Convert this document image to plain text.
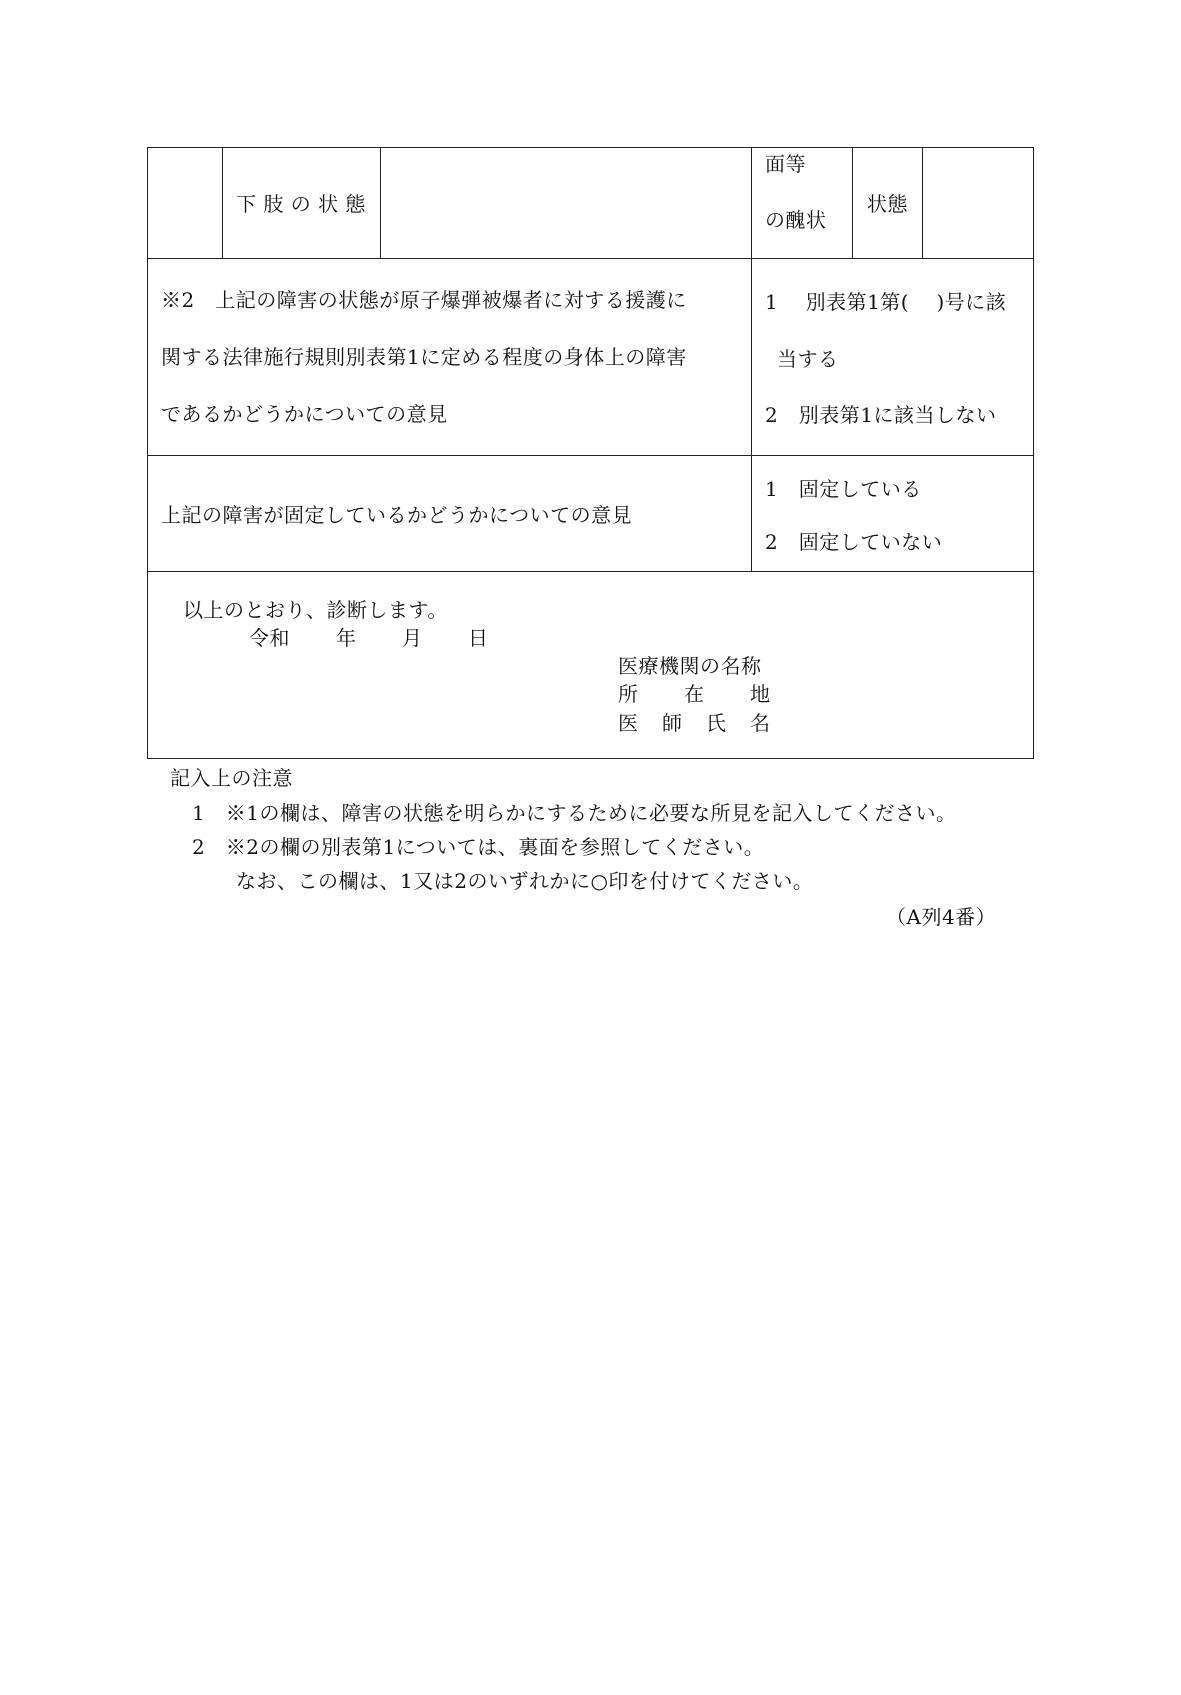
下 肢 の 状 態
面等
の醜状
状態
※2　上記の障害の状態が原子爆弾被爆者に対する援護に
関する法律施行規則別表第1に定める程度の身体上の障害
であるかどうかについての意見
1　 別表第1第(　 )号に該
当する
2　別表第1に該当しない
上記の障害が固定しているかどうかについての意見
1　固定している
2　固定していない
以上のとおり、診断します。
令和 年 月 日
医療機関の名称
所 在 地
医 師 氏 名
記入上の注意
1　※1の欄は、障害の状態を明らかにするために必要な所見を記入してください。
2　※2の欄の別表第1については、裏面を参照してください。
なお、この欄は、1又は2のいずれかに○印を付けてください。
（A列4番）
